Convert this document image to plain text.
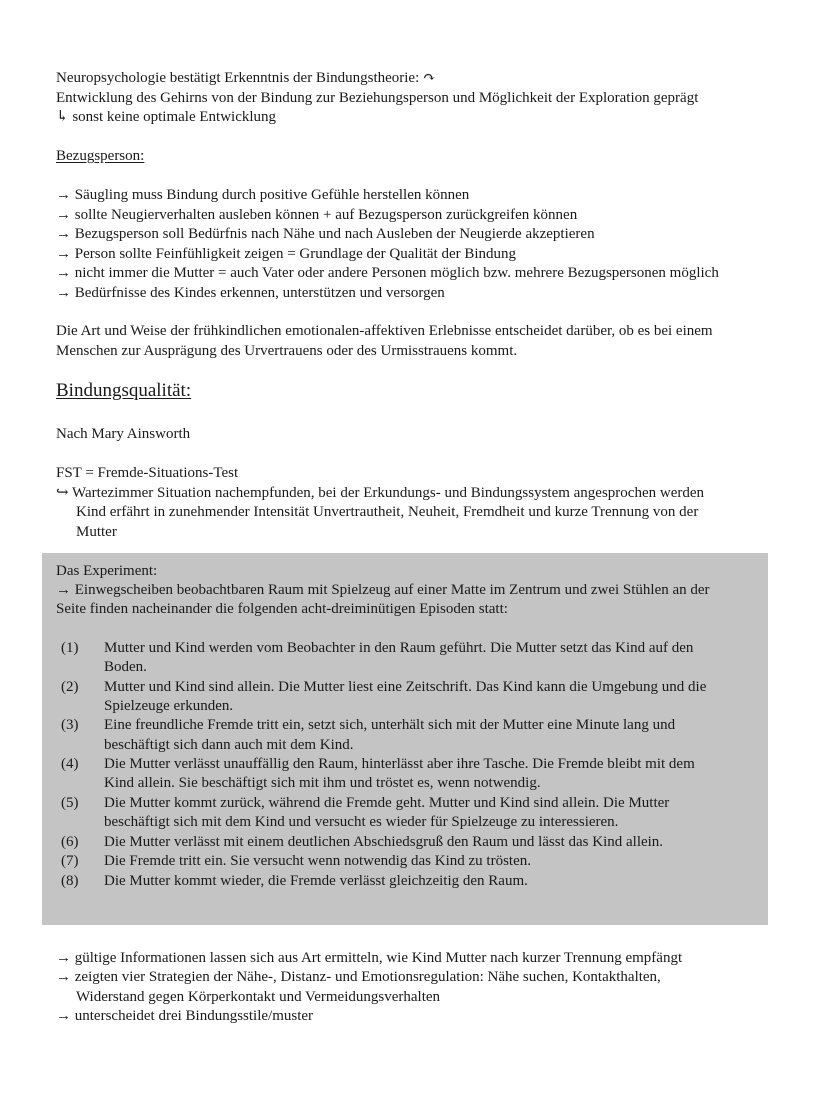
Neuropsychologie bestätigt Erkenntnis der Bindungstheorie: ↷
Entwicklung des Gehirns von der Bindung zur Beziehungsperson und Möglichkeit der Exploration geprägt
↳ sonst keine optimale Entwicklung
Bezugsperson:
→ Säugling muss Bindung durch positive Gefühle herstellen können
→ sollte Neugierverhalten ausleben können + auf Bezugsperson zurückgreifen können
→ Bezugsperson soll Bedürfnis nach Nähe und nach Ausleben der Neugierde akzeptieren
→ Person sollte Feinfühligkeit zeigen = Grundlage der Qualität der Bindung
→ nicht immer die Mutter = auch Vater oder andere Personen möglich bzw. mehrere Bezugspersonen möglich
→ Bedürfnisse des Kindes erkennen, unterstützen und versorgen
Die Art und Weise der frühkindlichen emotionalen-affektiven Erlebnisse entscheidet darüber, ob es bei einem
Menschen zur Ausprägung des Urvertrauens oder des Urmisstrauens kommt.
Bindungsqualität:
Nach Mary Ainsworth
FST = Fremde-Situations-Test
↪ Wartezimmer Situation nachempfunden, bei der Erkundungs- und Bindungssystem angesprochen werden
Kind erfährt in zunehmender Intensität Unvertrautheit, Neuheit, Fremdheit und kurze Trennung von der
Mutter
Das Experiment:
→ Einwegscheiben beobachtbaren Raum mit Spielzeug auf einer Matte im Zentrum und zwei Stühlen an der
Seite finden nacheinander die folgenden acht-dreiminütigen Episoden statt:
(1) Mutter und Kind werden vom Beobachter in den Raum geführt. Die Mutter setzt das Kind auf den
Boden.
(2) Mutter und Kind sind allein. Die Mutter liest eine Zeitschrift. Das Kind kann die Umgebung und die
Spielzeuge erkunden.
(3) Eine freundliche Fremde tritt ein, setzt sich, unterhält sich mit der Mutter eine Minute lang und
beschäftigt sich dann auch mit dem Kind.
(4) Die Mutter verlässt unauffällig den Raum, hinterlässt aber ihre Tasche. Die Fremde bleibt mit dem
Kind allein. Sie beschäftigt sich mit ihm und tröstet es, wenn notwendig.
(5) Die Mutter kommt zurück, während die Fremde geht. Mutter und Kind sind allein. Die Mutter
beschäftigt sich mit dem Kind und versucht es wieder für Spielzeuge zu interessieren.
(6) Die Mutter verlässt mit einem deutlichen Abschiedsgruß den Raum und lässt das Kind allein.
(7) Die Fremde tritt ein. Sie versucht wenn notwendig das Kind zu trösten.
(8) Die Mutter kommt wieder, die Fremde verlässt gleichzeitig den Raum.
→ gültige Informationen lassen sich aus Art ermitteln, wie Kind Mutter nach kurzer Trennung empfängt
→ zeigten vier Strategien der Nähe-, Distanz- und Emotionsregulation: Nähe suchen, Kontakthalten,
Widerstand gegen Körperkontakt und Vermeidungsverhalten
→ unterscheidet drei Bindungsstile/muster
